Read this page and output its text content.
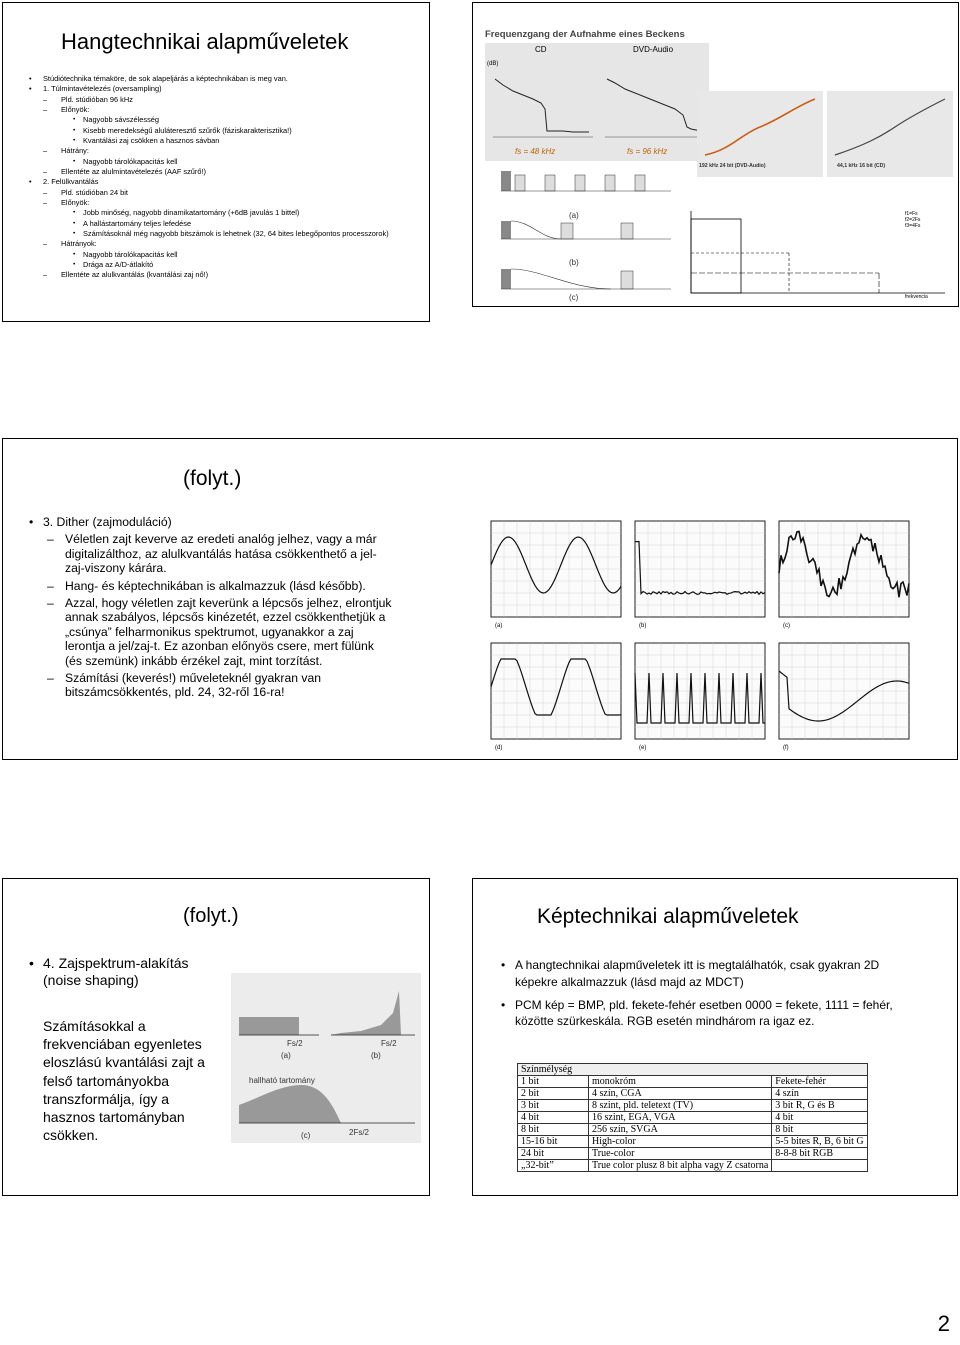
Hangtechnikai alapműveletek
• Stúdiótechnika témaköre, de sok alapeljárás a képtechnikában is meg van.
• 1. Túlmintavételezés (oversampling)
– Pld. stúdióban 96 kHz
– Előnyök:
• Nagyobb sávszélesség
• Kisebb meredekségű aluláteresztő szűrők (fáziskarakterisztika!)
• Kvantálási zaj csökken a hasznos sávban
– Hátrány:
• Nagyobb tárolókapacitás kell
– Ellentéte az alulmintavételezés (AAF szűrő!)
• 2. Felülkvantálás
– Pld. stúdióban 24 bit
– Előnyök:
• Jobb minőség, nagyobb dinamikatartomány (+6dB javulás 1 bittel)
• A hallástartomány teljes lefedése
• Számításoknál még nagyobb bitszámok is lehetnek (32, 64 bites lebegőpontos processzorok)
– Hátrányok:
• Nagyobb tárolókapacitás kell
• Drága az A/D-átlakító
– Ellentéte az alulkvantálás (kvantálási zaj nő!)
Frequenzgang der Aufnahme eines Beckens
CD
(dB)
fs = 48 kHz
DVD-Audio
fs = 96 kHz
192 kHz 24 bit (DVD-Audio)	44,1 kHz 16 bit (CD)
(a)
(b)
(c)
f1=Fs
f2=2Fs
f3=4Fs
frekvencia
(folyt.)
• 3. Dither (zajmoduláció)
– Véletlen zajt keverve az eredeti analóg jelhez, vagy a már digitalizálthoz, az alulkvantálás hatása csökkenthető a jel-zaj-viszony kárára.
– Hang- és képtechnikában is alkalmazzuk (lásd később).
– Azzal, hogy véletlen zajt keverünk a lépcsős jelhez, elrontjuk annak szabályos, lépcsős kinézetét, ezzel csökkenthetjük a „csúnya” felharmonikus spektrumot, ugyanakkor a zaj lerontja a jel/zaj-t. Ez azonban előnyös csere, mert fülünk (és szemünk) inkább érzékel zajt, mint torzítást.
– Számítási (keverés!) műveleteknél gyakran van bitszámcsökkentés, pld. 24, 32-ről 16-ra!
(a)	(b)	(c)
(d)	(e)	(f)
(folyt.)
• 4. Zajspektrum-alakítás (noise shaping)
Számításokkal a frekvenciában egyenletes eloszlású kvantálási zajt a felső tartományokba transzformálja, így a hasznos tartományban csökken.
Fs/2	Fs/2
hallható tartomány
2Fs/2
(a)	(b)
(c)
Képtechnikai alapműveletek
• A hangtechnikai alapműveletek itt is megtalálhatók, csak gyakran 2D képekre alkalmazzuk (lásd majd az MDCT)
• PCM kép = BMP, pld. fekete-fehér esetben 0000 = fekete, 1111 = fehér, közötte szürkeskála. RGB esetén mindhárom ra igaz ez.
Színmélység		
1 bit	monokróm	Fekete-fehér
2 bit	4 szín, CGA	4 szín
3 bit	8 szint, pld. teletext (TV)	3 bit R, G és B
4 bit	16 szint, EGA, VGA	4 bit
8 bit	256 szín, SVGA	8 bit
15-16 bit	High-color	5-5 bites R, B, 6 bit G
24 bit	True-color	8-8-8 bit RGB
„32-bit”	True color plusz 8 bit alpha vagy Z csatorna	
2
